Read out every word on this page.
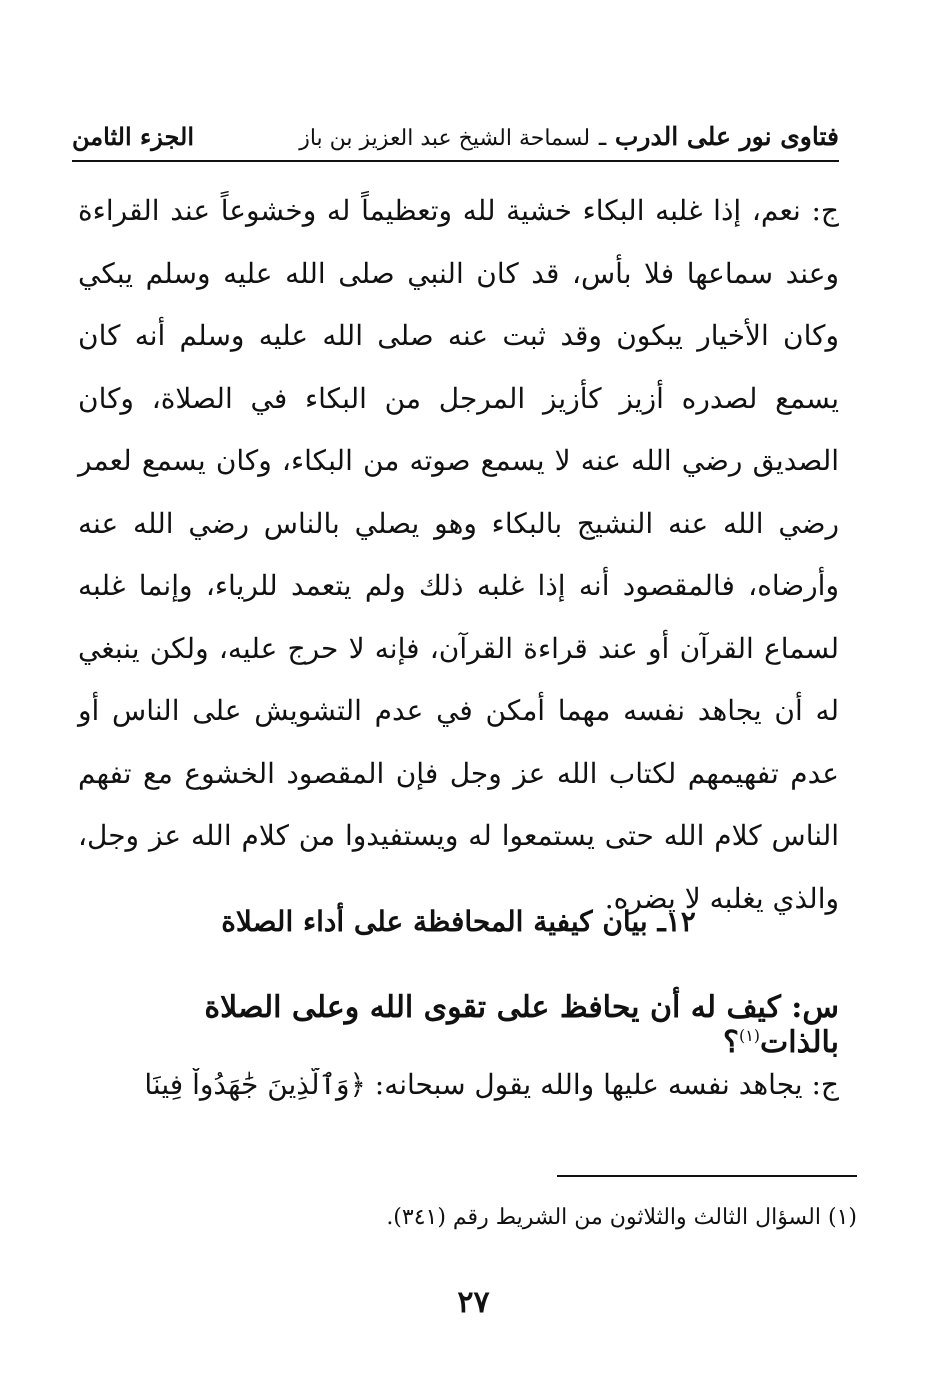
فتاوى نور على الدرب ـ لسماحة الشيخ عبد العزيز بن باز
الجزء الثامن

ج: نعم، إذا غلبه البكاء خشية لله وتعظيماً له وخشوعاً عند القراءة وعند سماعها فلا بأس، قد كان النبي صلى الله عليه وسلم يبكي وكان الأخيار يبكون وقد ثبت عنه صلى الله عليه وسلم أنه كان يسمع لصدره أزيز كأزيز المرجل من البكاء في الصلاة، وكان الصديق رضي الله عنه لا يسمع صوته من البكاء، وكان يسمع لعمر رضي الله عنه النشيج بالبكاء وهو يصلي بالناس رضي الله عنه وأرضاه، فالمقصود أنه إذا غلبه ذلك ولم يتعمد للرياء، وإنما غلبه لسماع القرآن أو عند قراءة القرآن، فإنه لا حرج عليه، ولكن ينبغي له أن يجاهد نفسه مهما أمكن في عدم التشويش على الناس أو عدم تفهيمهم لكتاب الله عز وجل فإن المقصود الخشوع مع تفهم الناس كلام الله حتى يستمعوا له ويستفيدوا من كلام الله عز وجل، والذي يغلبه لا يضره.

١٢ـ بيان كيفية المحافظة على أداء الصلاة
س: كيف له أن يحافظ على تقوى الله وعلى الصلاة بالذات$^{(١)}$؟
ج: يجاهد نفسه عليها والله يقول سبحانه: ﴿وَٱلَّذِينَ جَٰهَدُواْ فِينَا
(١) السؤال الثالث والثلاثون من الشريط رقم (٣٤١).
٢٧
